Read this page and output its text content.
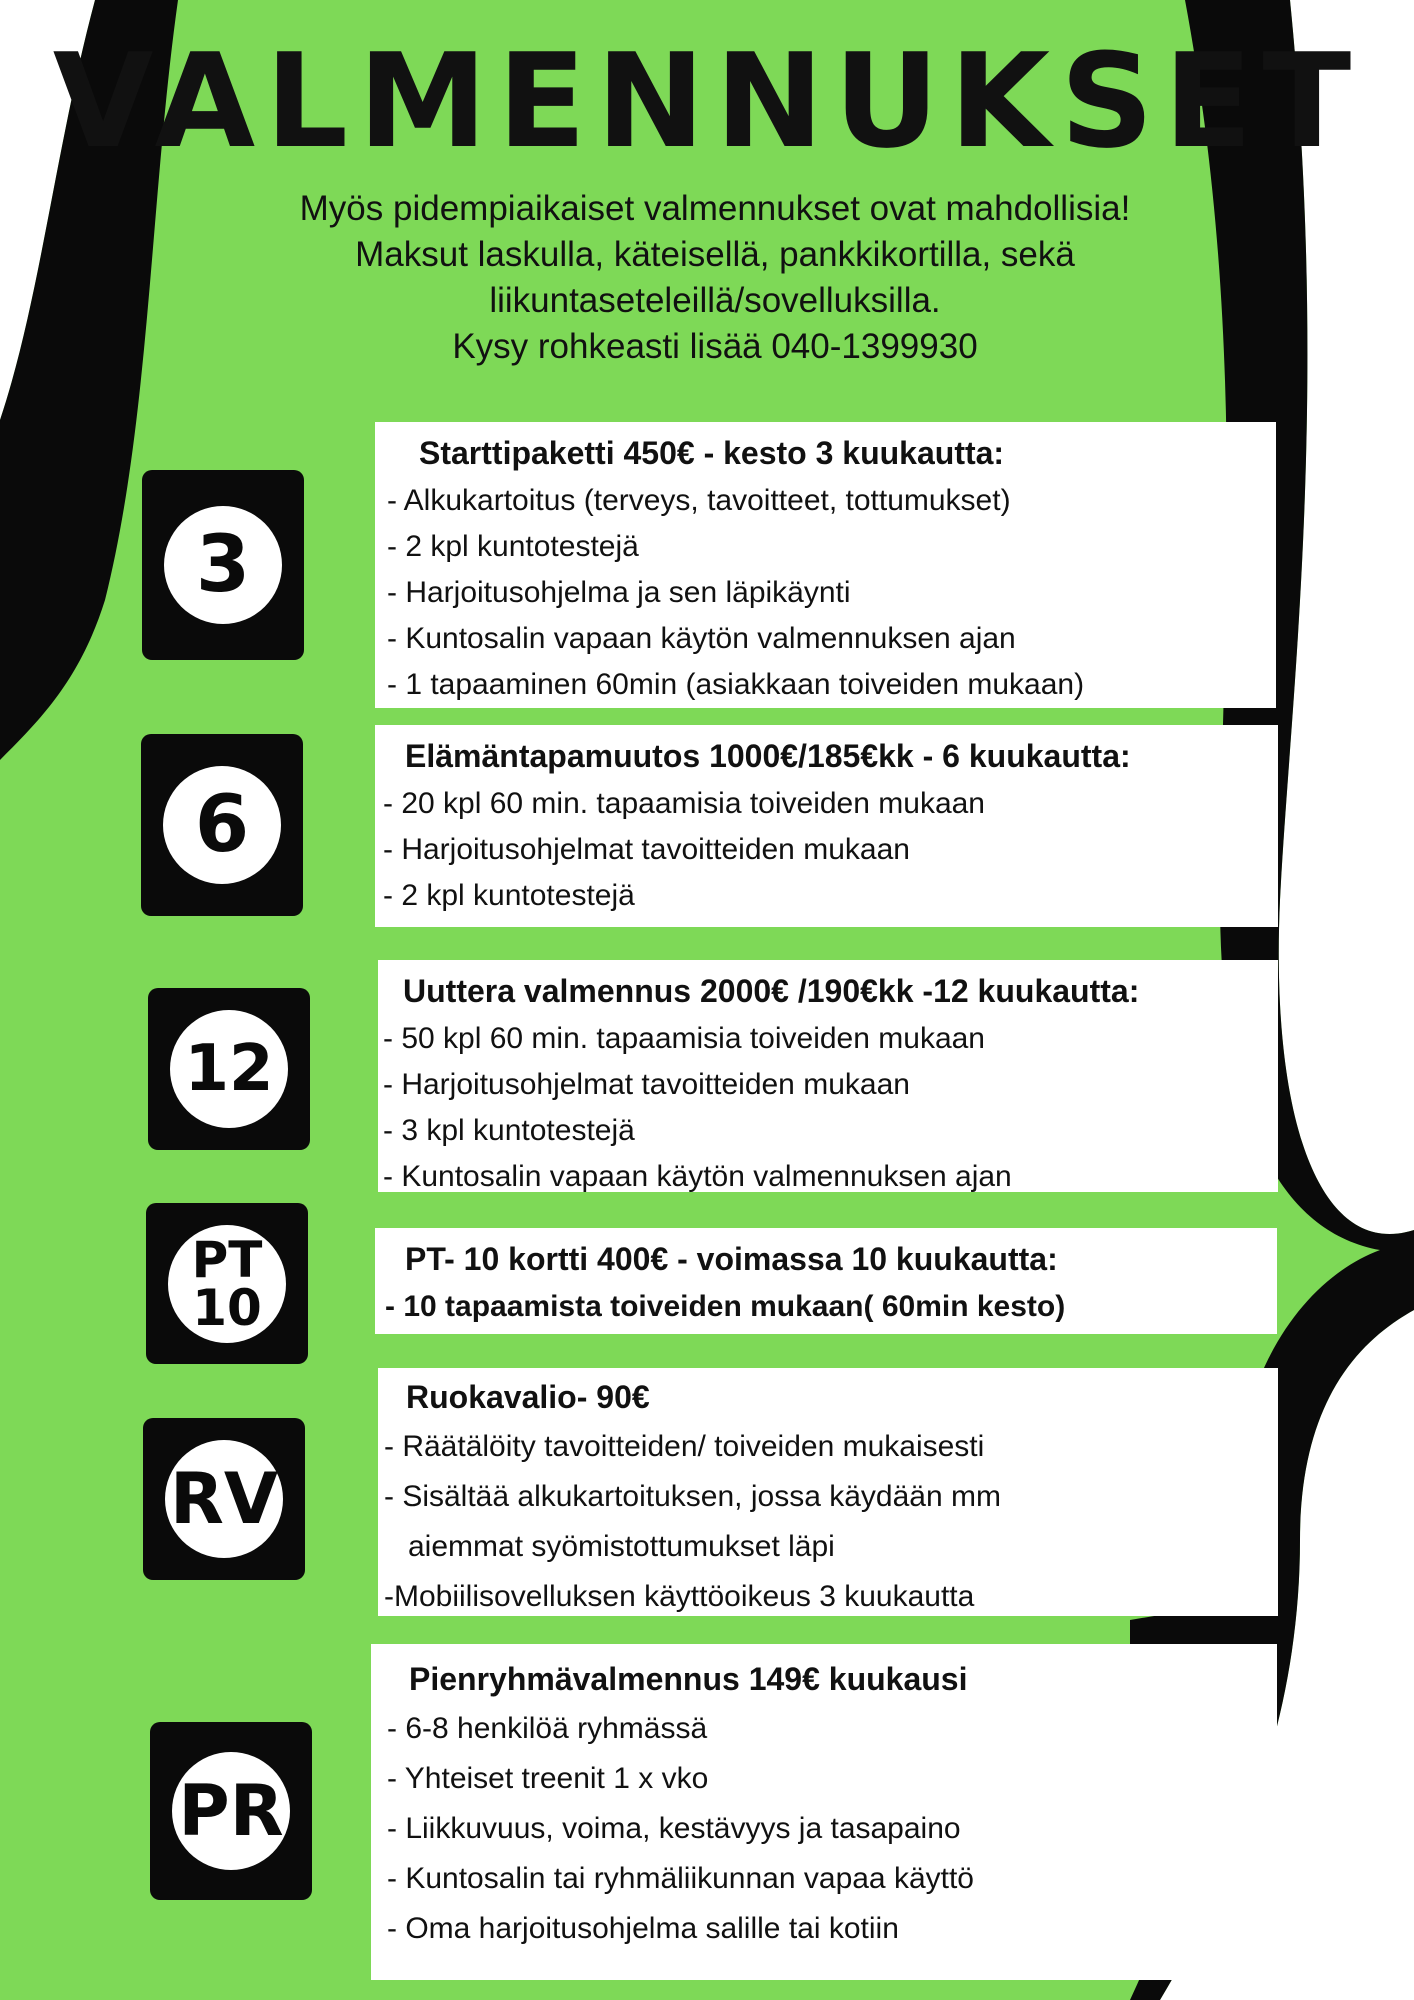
VALMENNUKSET
Myös pidempiaikaiset valmennukset ovat mahdollisia!
Maksut laskulla, käteisellä, pankkikortilla, sekä
liikuntaseteleillä/sovelluksilla.
Kysy rohkeasti lisää 040-1399930
3
Starttipaketti 450€ - kesto 3 kuukautta:
- Alkukartoitus (terveys, tavoitteet, tottumukset)
- 2 kpl kuntotestejä
- Harjoitusohjelma ja sen läpikäynti
- Kuntosalin vapaan käytön valmennuksen ajan
- 1 tapaaminen 60min (asiakkaan toiveiden mukaan)
6
Elämäntapamuutos 1000€/185€kk - 6 kuukautta:
- 20 kpl 60 min. tapaamisia toiveiden mukaan
- Harjoitusohjelmat tavoitteiden mukaan
- 2 kpl kuntotestejä
12
Uuttera valmennus 2000€ /190€kk -12 kuukautta:
- 50 kpl 60 min. tapaamisia toiveiden mukaan
- Harjoitusohjelmat tavoitteiden mukaan
- 3 kpl kuntotestejä
- Kuntosalin vapaan käytön valmennuksen ajan
PT
10
PT- 10 kortti 400€ - voimassa 10 kuukautta:
- 10 tapaamista toiveiden mukaan( 60min kesto)
RV
Ruokavalio- 90€
- Räätälöity tavoitteiden/ toiveiden mukaisesti
- Sisältää alkukartoituksen, jossa käydään mm
aiemmat syömistottumukset läpi
-Mobiilisovelluksen käyttöoikeus 3 kuukautta
PR
Pienryhmävalmennus 149€ kuukausi
- 6-8 henkilöä ryhmässä
- Yhteiset treenit 1 x vko
- Liikkuvuus, voima, kestävyys ja tasapaino
- Kuntosalin tai ryhmäliikunnan vapaa käyttö
- Oma harjoitusohjelma salille tai kotiin
